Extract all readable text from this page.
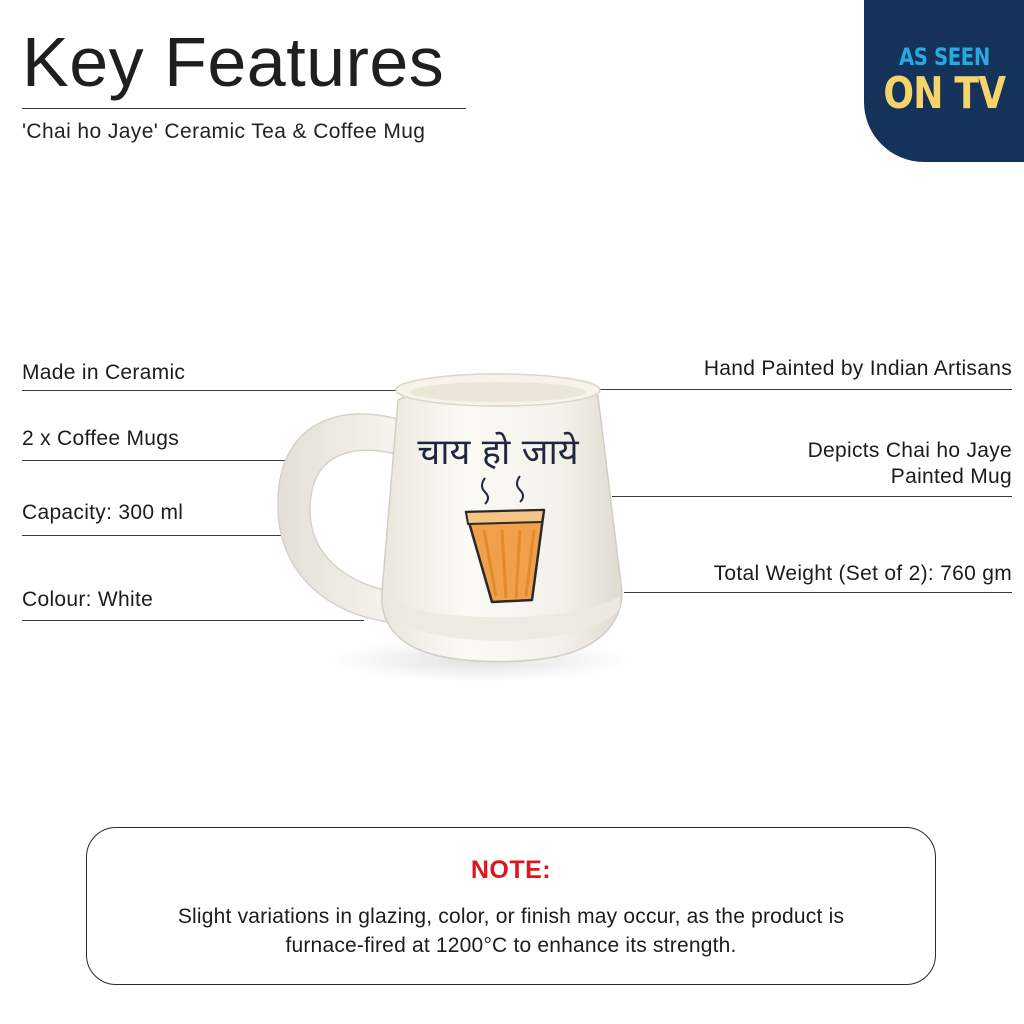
Key Features
'Chai ho Jaye' Ceramic Tea & Coffee Mug
AS SEEN
ON TV
Made in Ceramic
2 x Coffee Mugs
Capacity: 300 ml
Colour: White
Hand Painted by Indian Artisans
Depicts Chai ho Jaye
Painted Mug
Total Weight (Set of 2): 760 gm
चाय हो जाये
NOTE:
Slight variations in glazing, color, or finish may occur, as the product is
furnace-fired at 1200°C to enhance its strength.
